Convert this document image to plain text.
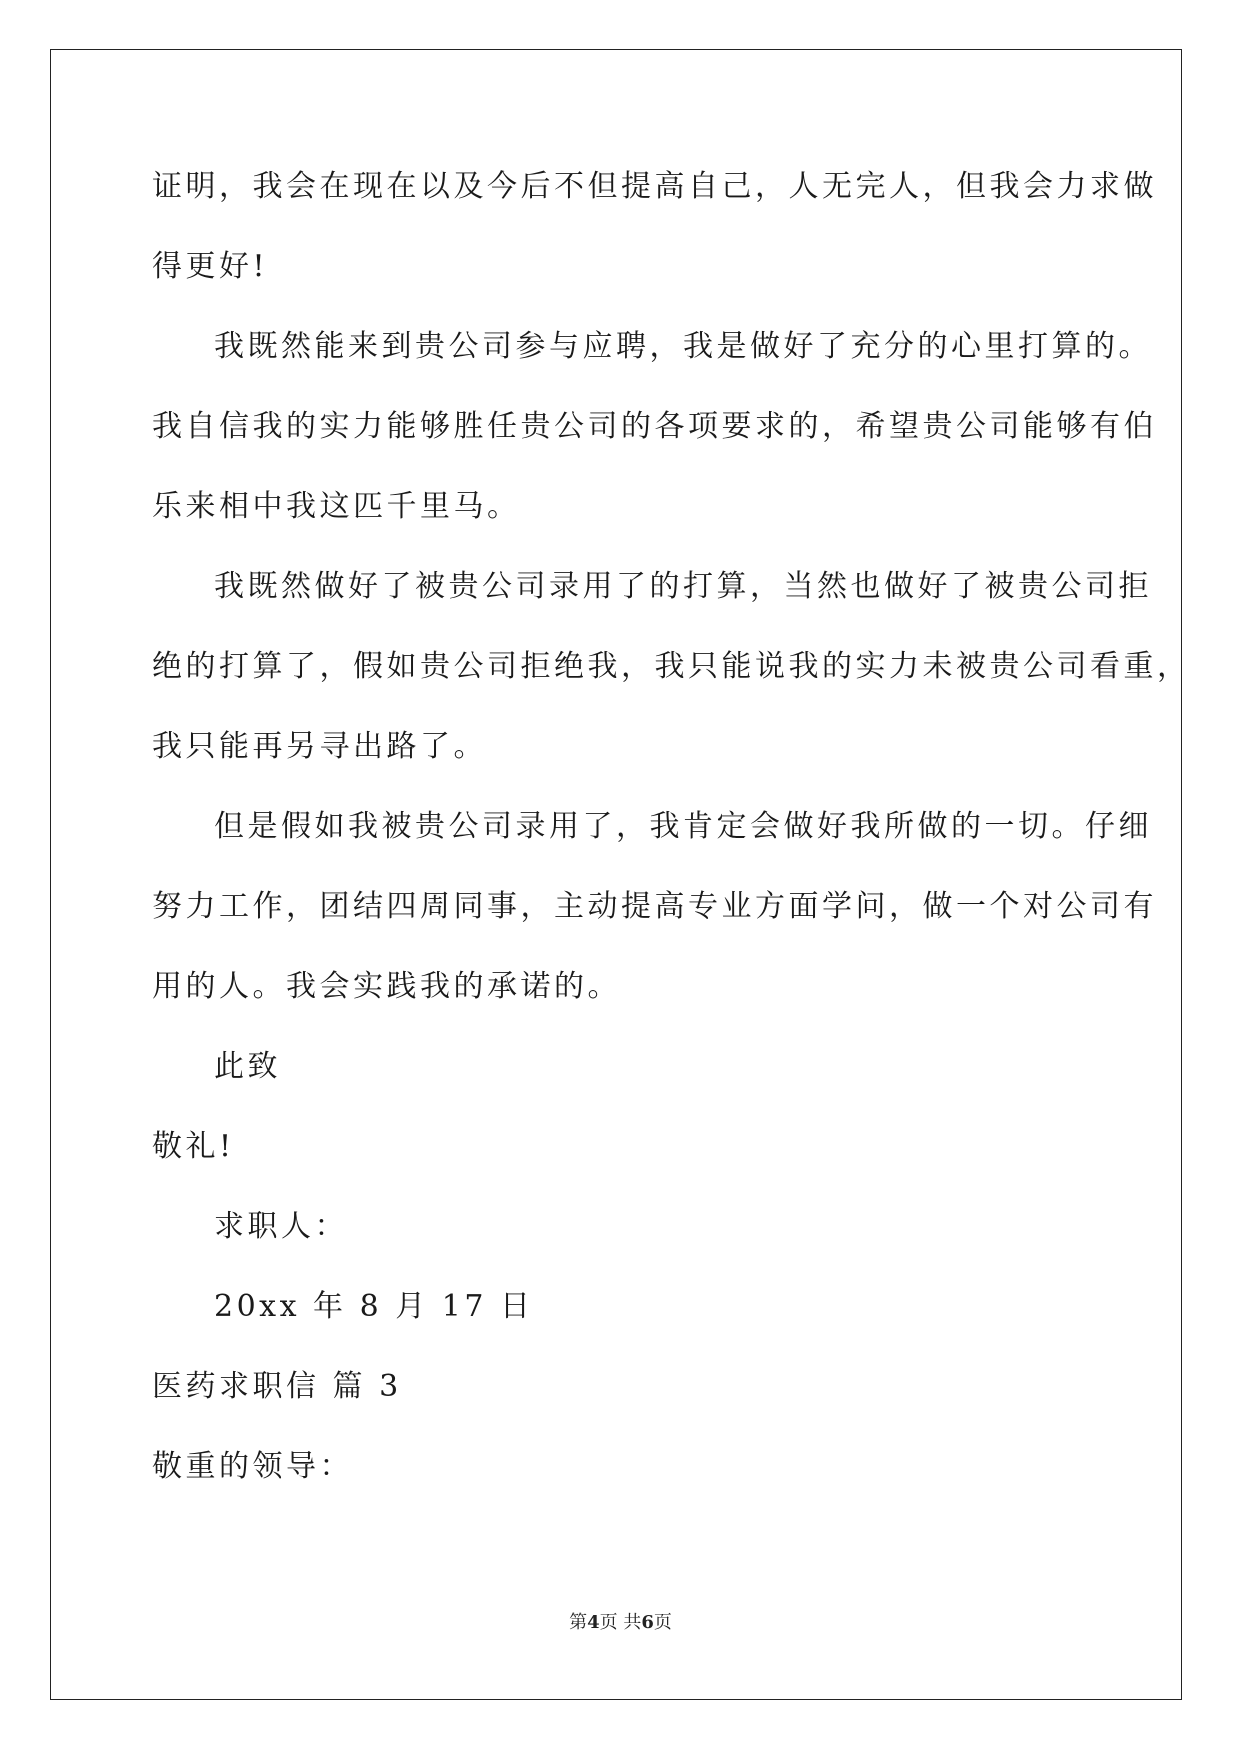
证明，我会在现在以及今后不但提高自己，人无完人，但我会力求做
得更好!
我既然能来到贵公司参与应聘，我是做好了充分的心里打算的。
我自信我的实力能够胜任贵公司的各项要求的，希望贵公司能够有伯
乐来相中我这匹千里马。
我既然做好了被贵公司录用了的打算，当然也做好了被贵公司拒
绝的打算了，假如贵公司拒绝我，我只能说我的实力未被贵公司看重，
我只能再另寻出路了。
但是假如我被贵公司录用了，我肯定会做好我所做的一切。仔细
努力工作，团结四周同事，主动提高专业方面学问，做一个对公司有
用的人。我会实践我的承诺的。
此致
敬礼!
求职人：
20xx 年 8 月 17 日
医药求职信 篇 3
敬重的领导：
第4页 共6页
